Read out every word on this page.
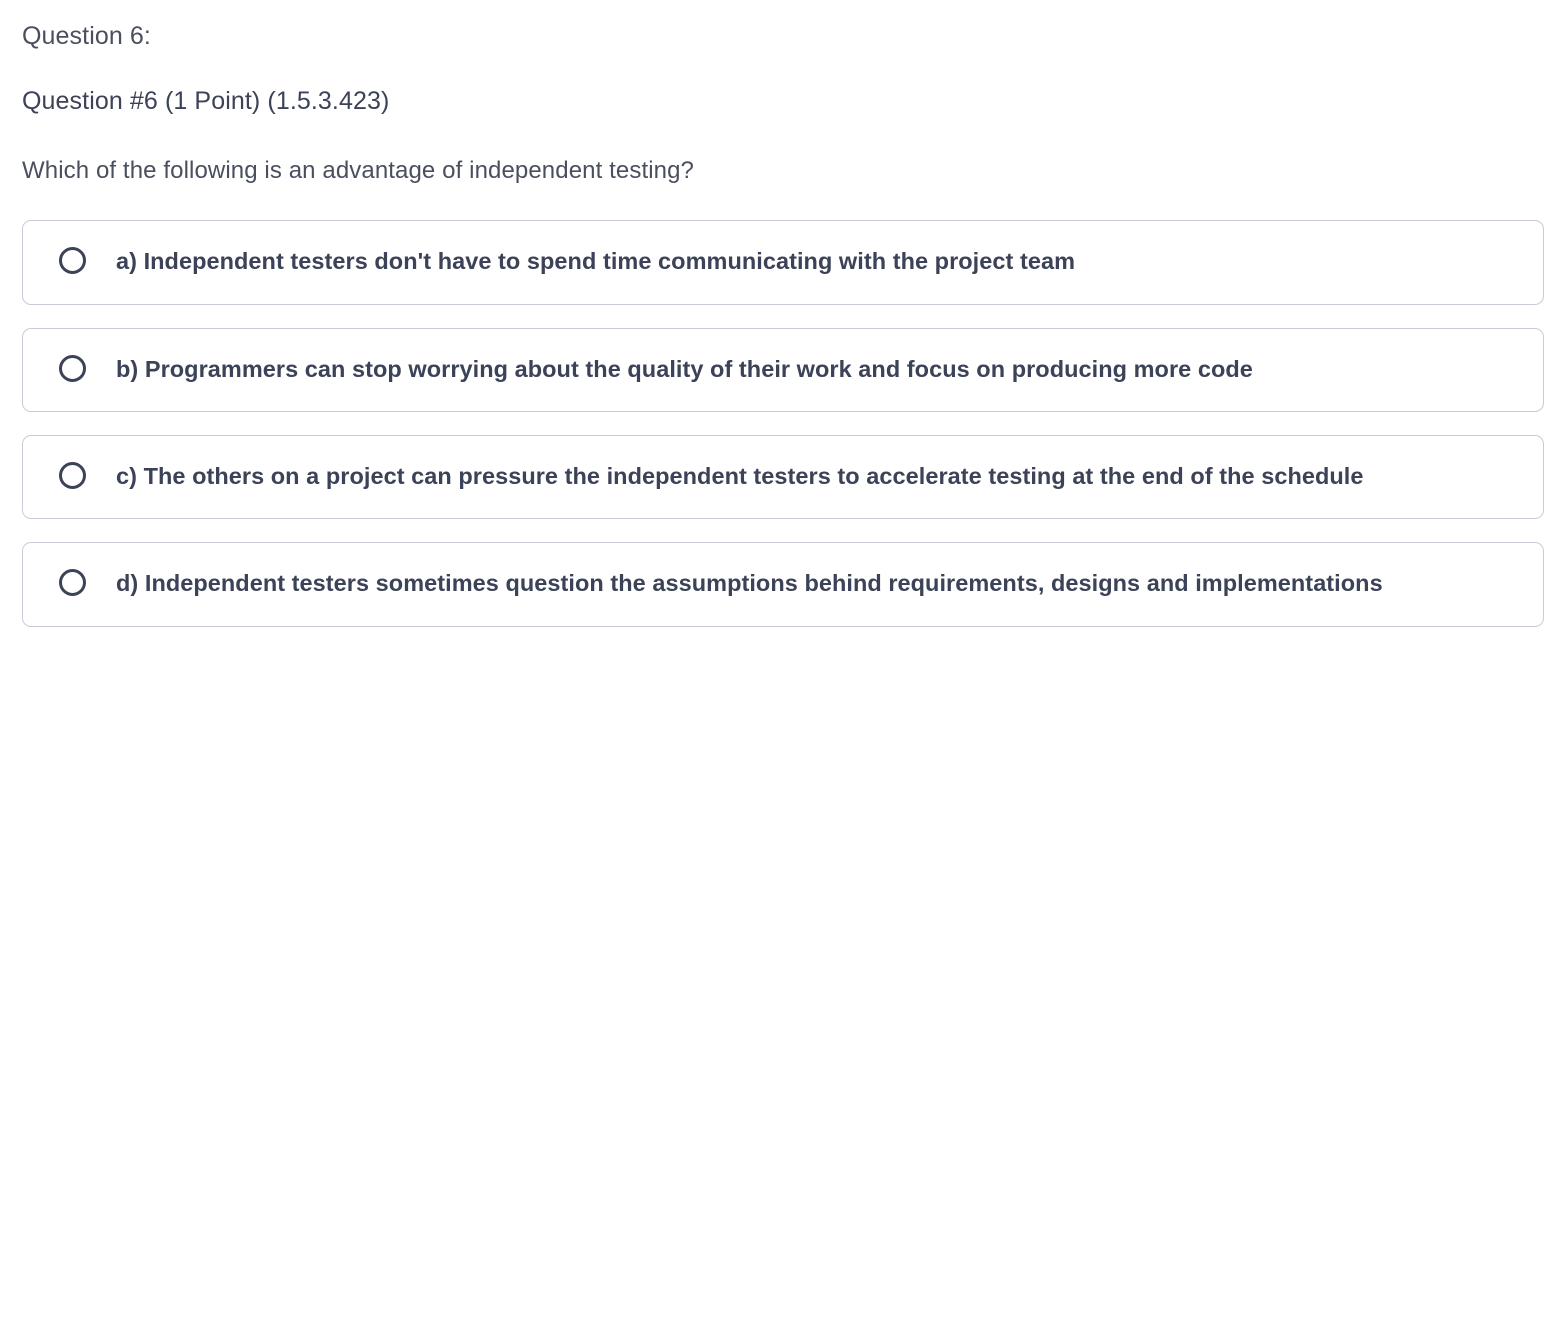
Question 6:
Question #6 (1 Point) (1.5.3.423)
Which of the following is an advantage of independent testing?
a) Independent testers don't have to spend time communicating with the project team
b) Programmers can stop worrying about the quality of their work and focus on producing more code
c) The others on a project can pressure the independent testers to accelerate testing at the end of the schedule
d) Independent testers sometimes question the assumptions behind requirements, designs and implementations
